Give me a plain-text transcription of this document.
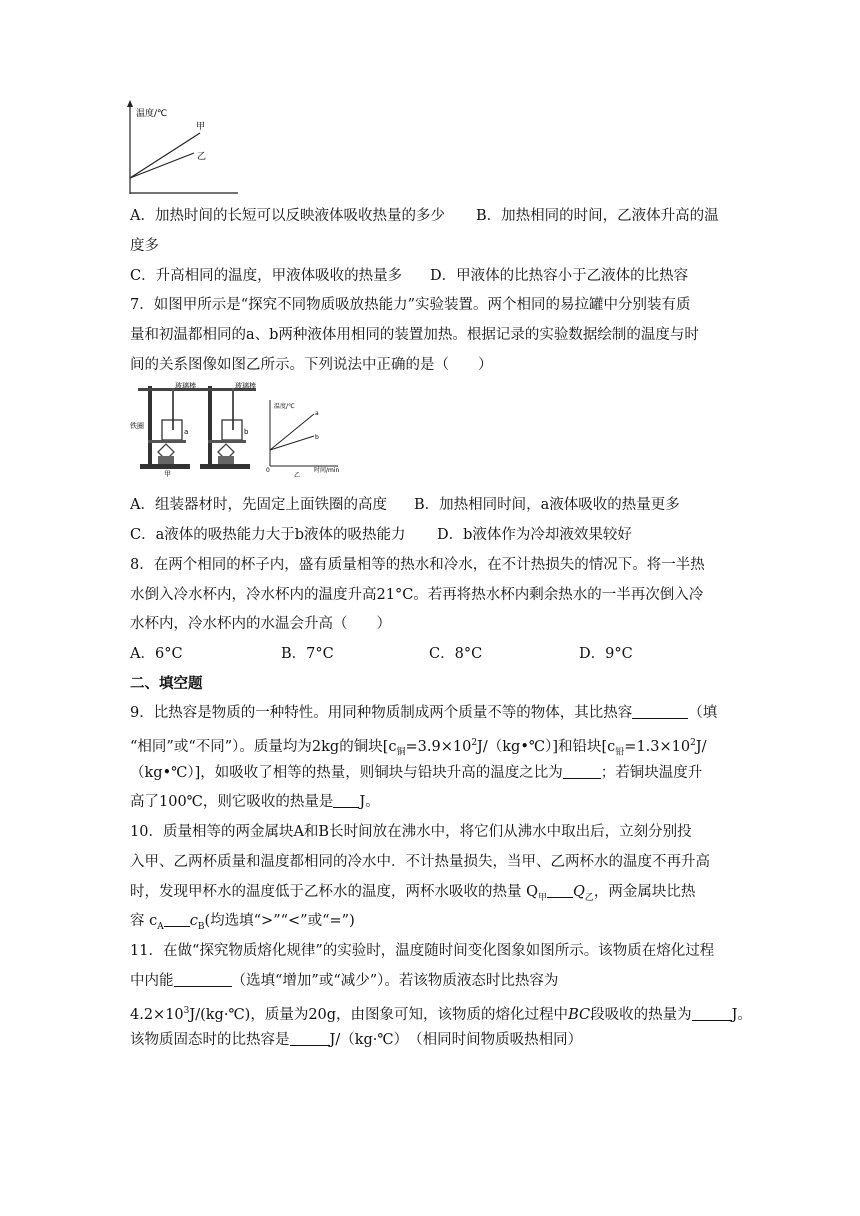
温度/℃
甲
乙
A．加热时间的长短可以反映液体吸收热量的多少 B．加热相同的时间，乙液体升高的温
度多
C．升高相同的温度，甲液体吸收的热量多 D．甲液体的比热容小于乙液体的比热容
7．如图甲所示是“探究不同物质吸放热能力”实验装置。两个相同的易拉罐中分别装有质
量和初温都相同的a、b两种液体用相同的装置加热。根据记录的实验数据绘制的温度与时
间的关系图像如图乙所示。下列说法中正确的是（　　）
玻璃棒
铁圈
a
甲
玻璃棒
b
温度/℃
a
b
0	时间/min
乙
A．组装器材时，先固定上面铁圈的高度 B．加热相同时间，a液体吸收的热量更多
C．a液体的吸热能力大于b液体的吸热能力 D．b液体作为冷却液效果较好
8．在两个相同的杯子内，盛有质量相等的热水和冷水，在不计热损失的情况下。将一半热
水倒入冷水杯内，冷水杯内的温度升高21°C。若再将热水杯内剩余热水的一半再次倒入冷
水杯内，冷水杯内的水温会升高（　　）
A．6°C	B．7°C	C．8°C	D．9°C
二、填空题
9．比热容是物质的一种特性。用同种物质制成两个质量不等的物体，其比热容	（填
“相同”或“不同”）。质量均为2kg的铜块$[c_铜=3.9\times 10^2J/(kg•℃)]$和铅块[$c_铅=1.3\times 10^2J/$
（kg•℃）]，如吸收了相等的热量，则铜块与铅块升高的温度之比为	；若铜块温度升
高了100℃，则它吸收的热量是 J。
10．质量相等的两金属块A和B长时间放在沸水中，将它们从沸水中取出后，立刻分别投
入甲、乙两杯质量和温度都相同的冷水中．不计热量损失，当甲、乙两杯水的温度不再升高
时，发现甲杯水的温度低于乙杯水的温度，两杯水吸收的热量 $Q_甲$ $Q_乙$，两金属块比热
容 $c_A$ $c_B$(均选填“>”“<”或“=”)
11．在做“探究物质熔化规律”的实验时，温度随时间变化图象如图所示。该物质在熔化过程
中内能	（选填“增加”或“减少”）。若该物质液态时比热容为
$4.2\times 10^3J/(kg\cdot℃)$，质量为20g，由图象可知，该物质的熔化过程中BC段吸收的热量为	J。
该物质固态时的比热容是	J/（kg·℃）　（相同时间物质吸热相同）
